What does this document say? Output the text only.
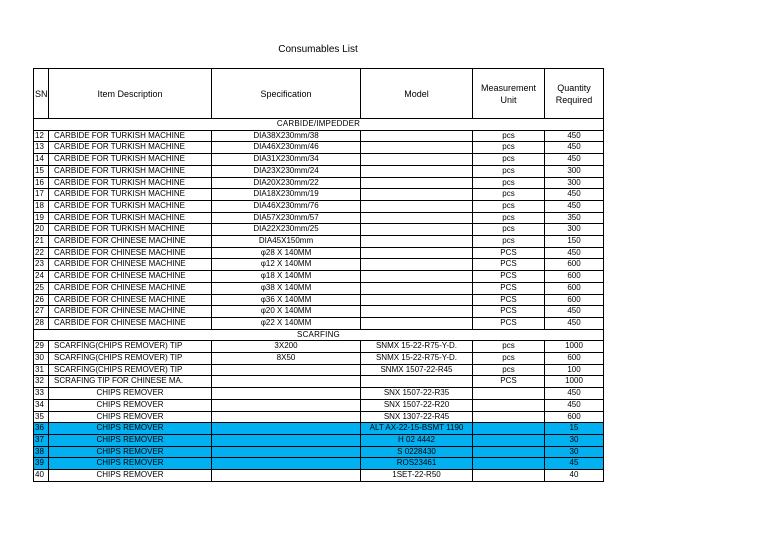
Consumables List
SN	Item Description	Specification	Model	Measurement Unit	Quantity Required
CARBIDE/IMPEDDER					
12	CARBIDE FOR TURKISH MACHINE	DIA38X230mm/38		pcs	450
13	CARBIDE FOR TURKISH MACHINE	DIA46X230mm/46		pcs	450
14	CARBIDE FOR TURKISH MACHINE	DIA31X230mm/34		pcs	450
15	CARBIDE FOR TURKISH MACHINE	DIA23X230mm/24		pcs	300
16	CARBIDE FOR TURKISH MACHINE	DIA20X230mm/22		pcs	300
17	CARBIDE FOR TURKISH MACHINE	DIA18X230mm/19		pcs	450
18	CARBIDE FOR TURKISH MACHINE	DIA46X230mm/76		pcs	450
19	CARBIDE FOR TURKISH MACHINE	DIA57X230mm/57		pcs	350
20	CARBIDE FOR TURKISH MACHINE	DIA22X230mm/25		pcs	300
21	CARBIDE FOR CHINESE MACHINE	DIA45X150mm		pcs	150
22	CARBIDE FOR CHINESE MACHINE	φ28 X 140MM		PCS	450
23	CARBIDE FOR CHINESE MACHINE	φ12 X 140MM		PCS	600
24	CARBIDE FOR CHINESE MACHINE	φ18 X 140MM		PCS	600
25	CARBIDE FOR CHINESE MACHINE	φ38 X 140MM		PCS	600
26	CARBIDE FOR CHINESE MACHINE	φ36 X 140MM		PCS	600
27	CARBIDE FOR CHINESE MACHINE	φ20 X 140MM		PCS	450
28	CARBIDE FOR CHINESE MACHINE	φ22 X 140MM		PCS	450
SCARFING					
29	SCARFING(CHIPS REMOVER) TIP	3X200	SNMX 15-22-R75-Y-D.	pcs	1000
30	SCARFING(CHIPS REMOVER) TIP	8X50	SNMX 15-22-R75-Y-D.	pcs	600
31	SCARFING(CHIPS REMOVER) TIP		SNMX 1507-22-R45	pcs	100
32	SCRAFING TIP FOR CHINESE MA.			PCS	1000
33	CHIPS REMOVER		SNX 1507-22-R35		450
34	CHIPS REMOVER		SNX 1507-22-R20		450
35	CHIPS REMOVER		SNX 1307-22-R45		600
36	CHIPS REMOVER		ALT AX-22-15-BSMT 1190		15
37	CHIPS REMOVER		H 02 4442		30
38	CHIPS REMOVER		S 0228430		30
39	CHIPS REMOVER		ROS23461		45
40	CHIPS REMOVER		1SET-22-R50		40
